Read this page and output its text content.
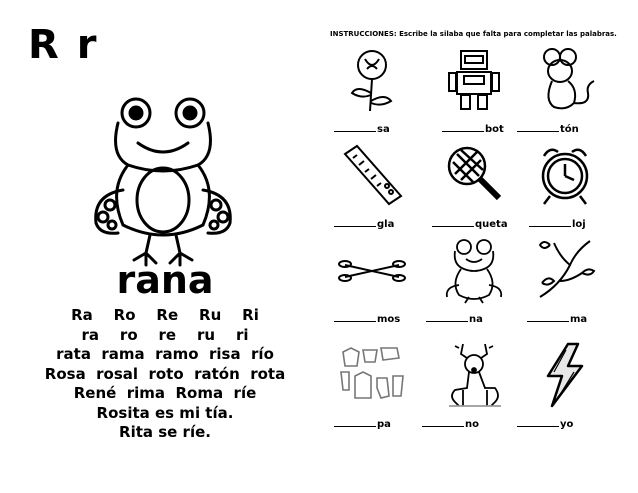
R r
rana
Ra    Ro    Re    Ru    Ri
ra    ro    re    ru    ri
rata  rama  ramo  risa  río
Rosa  rosal  roto  ratón  rota
René  rima  Roma  ríe
Rosita es mi tía.
Rita se ríe.
INSTRUCCIONES: Escribe la silaba que falta para completar las palabras.
sa	bot	tón
gla	queta	loj
mos	na	ma
pa	no	yo
